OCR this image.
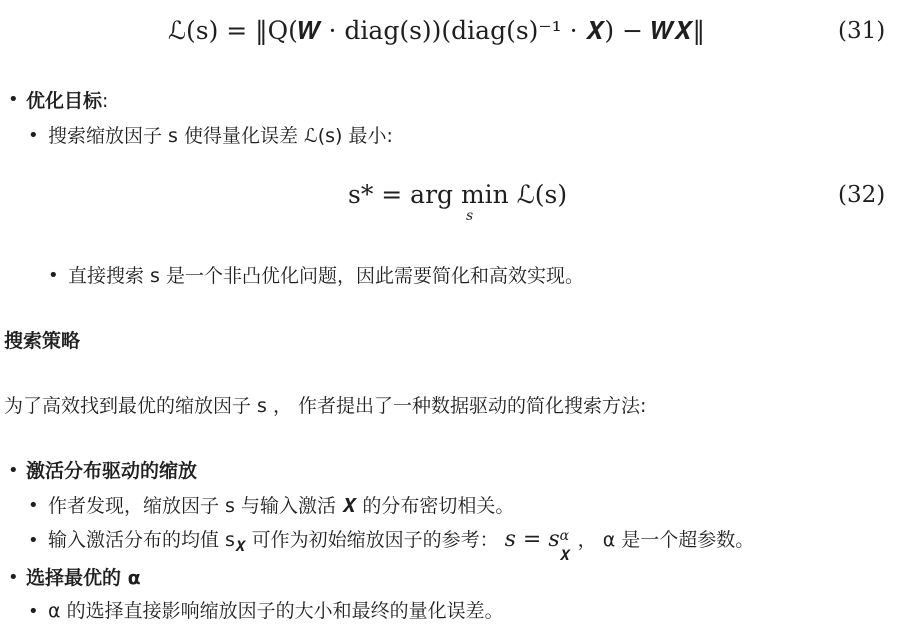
ℒ(s) = ‖Q(𝑾 · diag(s))(diag(s)⁻¹ · 𝑿) − 𝑾𝑿‖	(31)
•
优化目标:
•
搜索缩放因子 s 使得量化误差 ℒ(s) 最小:
s* = arg min ℒ(s)
s
(32)
•
直接搜索 s 是一个非凸优化问题，因此需要简化和高效实现。
搜索策略
为了高效找到最优的缩放因子 s ， 作者提出了一种数据驱动的简化搜索方法:
•
激活分布驱动的缩放
•
作者发现，缩放因子 s 与输入激活 𝑿 的分布密切相关。
•
输入激活分布的均值 $s_𝑿$ 可作为初始缩放因子的参考： s = s α
𝑿
， α 是一个超参数。
•
选择最优的 α
•
α 的选择直接影响缩放因子的大小和最终的量化误差。
